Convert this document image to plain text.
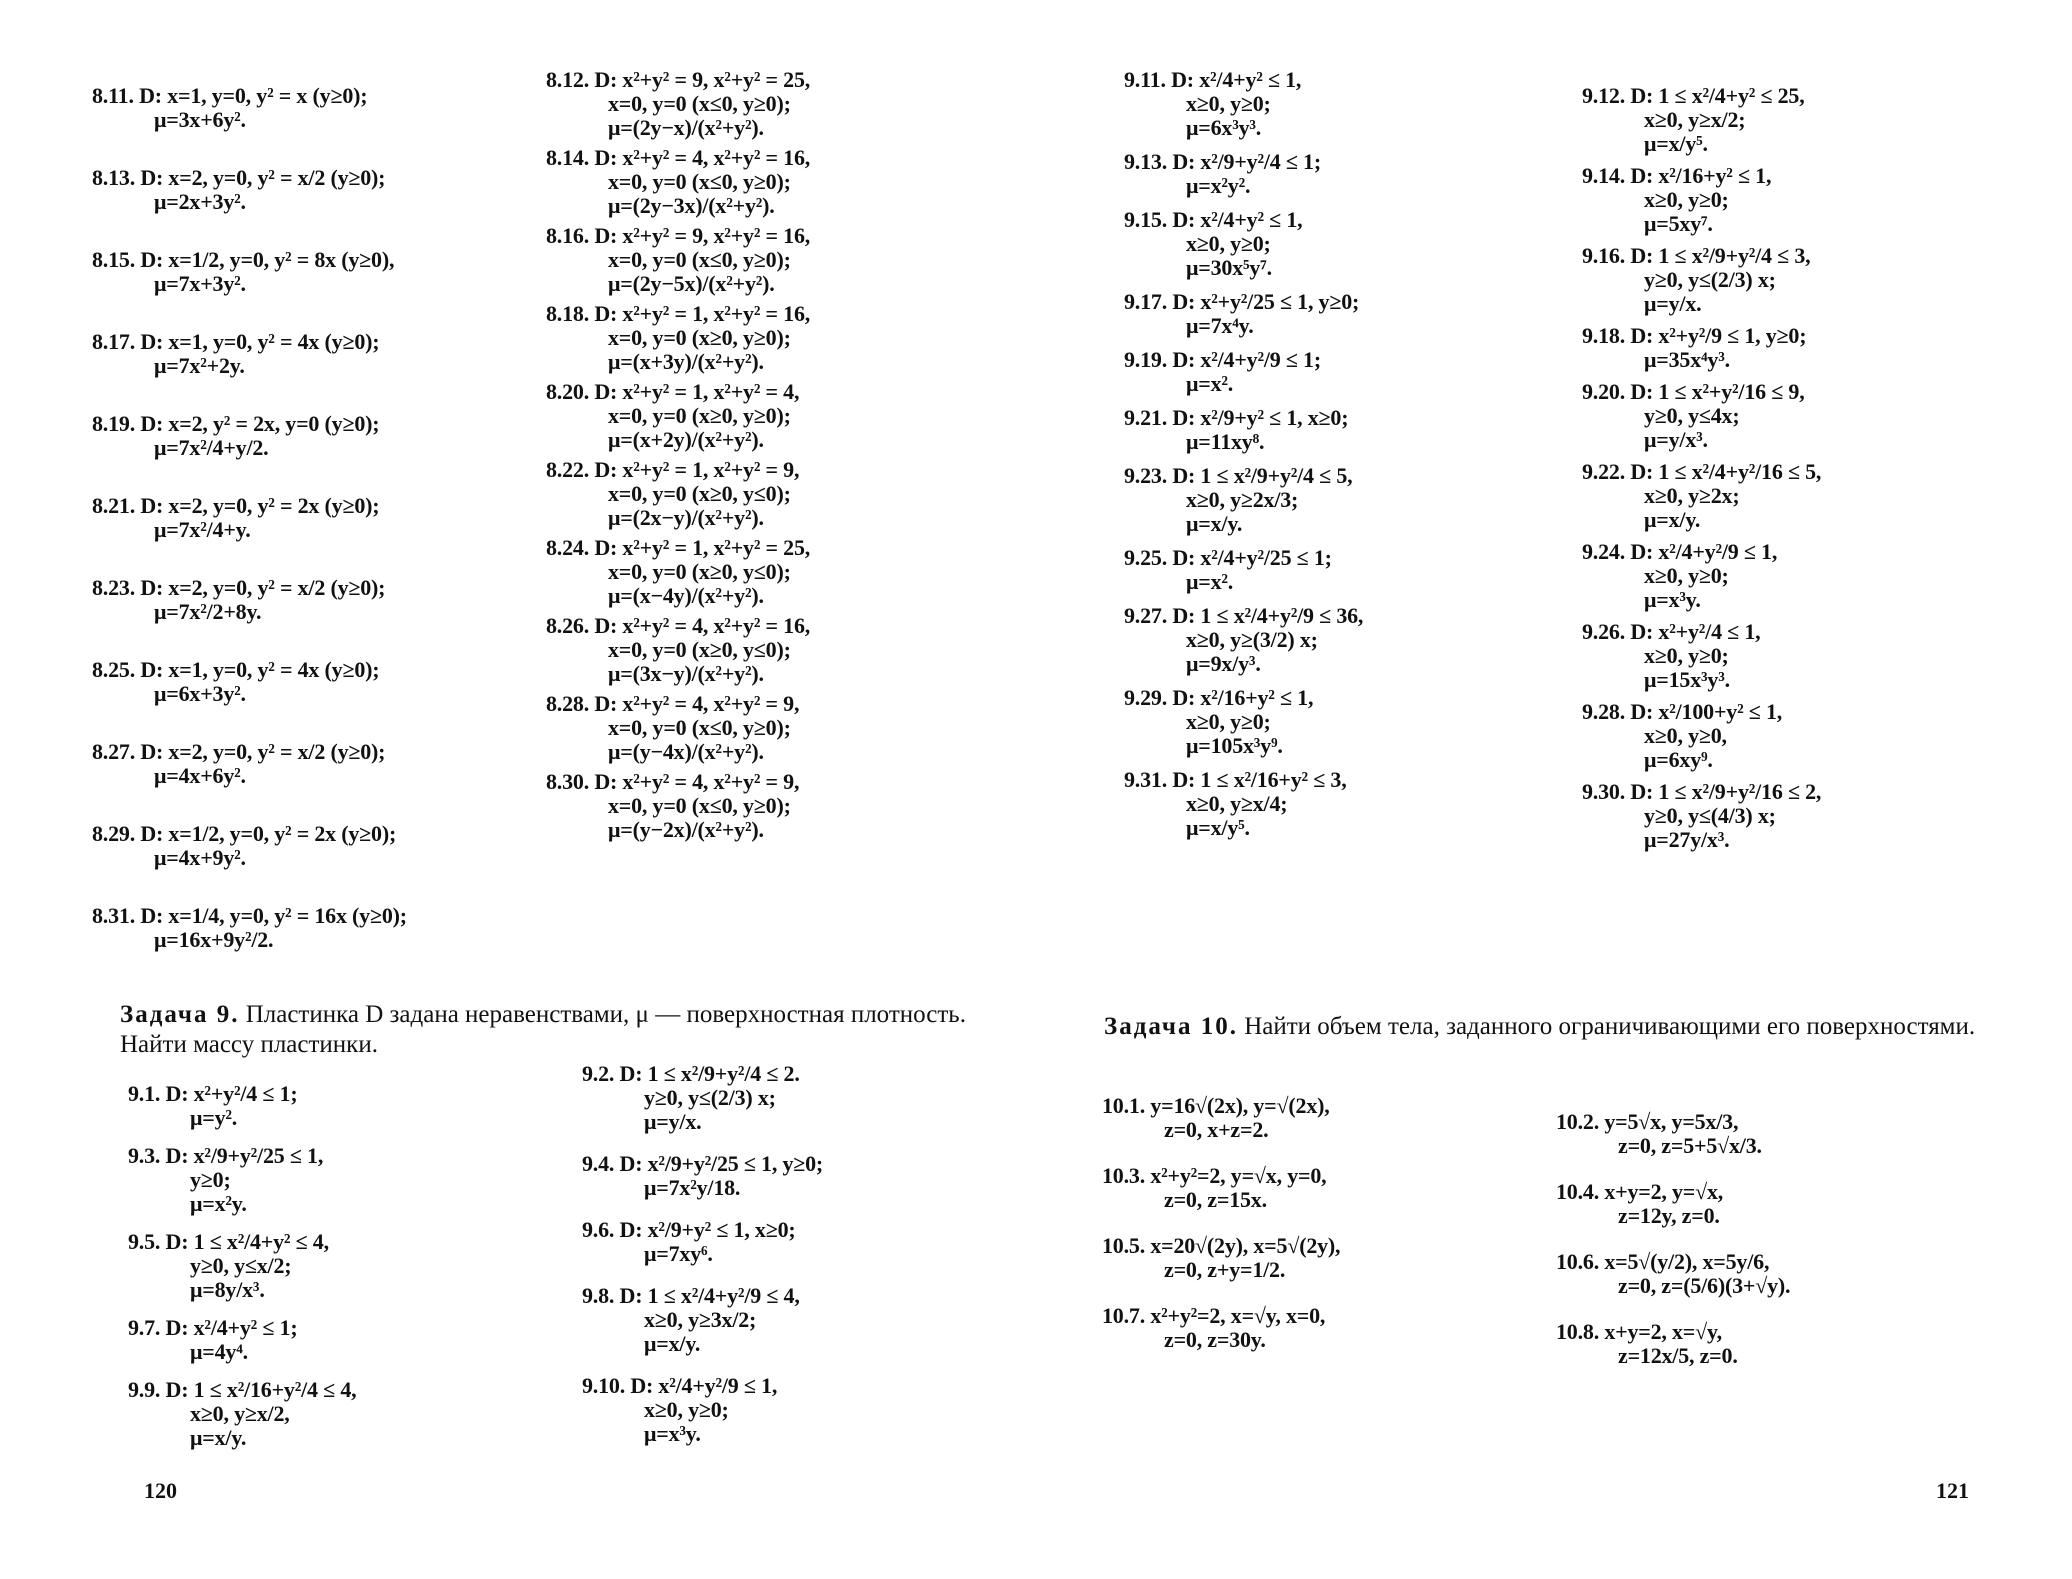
8.11. D: x=1, y=0, y² = x (y≥0);
μ=3x+6y².
8.13. D: x=2, y=0, y² = x/2 (y≥0);
μ=2x+3y².
8.15. D: x=1/2, y=0, y² = 8x (y≥0),
μ=7x+3y².
8.17. D: x=1, y=0, y² = 4x (y≥0);
μ=7x²+2y.
8.19. D: x=2, y² = 2x, y=0 (y≥0);
μ=7x²/4+y/2.
8.21. D: x=2, y=0, y² = 2x (y≥0);
μ=7x²/4+y.
8.23. D: x=2, y=0, y² = x/2 (y≥0);
μ=7x²/2+8y.
8.25. D: x=1, y=0, y² = 4x (y≥0);
μ=6x+3y².
8.27. D: x=2, y=0, y² = x/2 (y≥0);
μ=4x+6y².
8.29. D: x=1/2, y=0, y² = 2x (y≥0);
μ=4x+9y².
8.31. D: x=1/4, y=0, y² = 16x (y≥0);
μ=16x+9y²/2.
8.12. D: x²+y² = 9, x²+y² = 25,
x=0, y=0 (x≤0, y≥0);
μ=(2y−x)/(x²+y²).
8.14. D: x²+y² = 4, x²+y² = 16,
x=0, y=0 (x≤0, y≥0);
μ=(2y−3x)/(x²+y²).
8.16. D: x²+y² = 9, x²+y² = 16,
x=0, y=0 (x≤0, y≥0);
μ=(2y−5x)/(x²+y²).
8.18. D: x²+y² = 1, x²+y² = 16,
x=0, y=0 (x≥0, y≥0);
μ=(x+3y)/(x²+y²).
8.20. D: x²+y² = 1, x²+y² = 4,
x=0, y=0 (x≥0, y≥0);
μ=(x+2y)/(x²+y²).
8.22. D: x²+y² = 1, x²+y² = 9,
x=0, y=0 (x≥0, y≤0);
μ=(2x−y)/(x²+y²).
8.24. D: x²+y² = 1, x²+y² = 25,
x=0, y=0 (x≥0, y≤0);
μ=(x−4y)/(x²+y²).
8.26. D: x²+y² = 4, x²+y² = 16,
x=0, y=0 (x≥0, y≤0);
μ=(3x−y)/(x²+y²).
8.28. D: x²+y² = 4, x²+y² = 9,
x=0, y=0 (x≤0, y≥0);
μ=(y−4x)/(x²+y²).
8.30. D: x²+y² = 4, x²+y² = 9,
x=0, y=0 (x≤0, y≥0);
μ=(y−2x)/(x²+y²).
Задача 9. Пластинка D задана неравенствами, μ — поверхностная плотность. Найти массу пластинки.
9.1. D: x²+y²/4 ≤ 1;
μ=y².
9.3. D: x²/9+y²/25 ≤ 1,
y≥0;
μ=x²y.
9.5. D: 1 ≤ x²/4+y² ≤ 4,
y≥0, y≤x/2;
μ=8y/x³.
9.7. D: x²/4+y² ≤ 1;
μ=4y⁴.
9.9. D: 1 ≤ x²/16+y²/4 ≤ 4,
x≥0, y≥x/2,
μ=x/y.
9.2. D: 1 ≤ x²/9+y²/4 ≤ 2.
y≥0, y≤(2/3) x;
μ=y/x.
9.4. D: x²/9+y²/25 ≤ 1, y≥0;
μ=7x²y/18.
9.6. D: x²/9+y² ≤ 1, x≥0;
μ=7xy⁶.
9.8. D: 1 ≤ x²/4+y²/9 ≤ 4,
x≥0, y≥3x/2;
μ=x/y.
9.10. D: x²/4+y²/9 ≤ 1,
x≥0, y≥0;
μ=x³y.
120
9.11. D: x²/4+y² ≤ 1,
x≥0, y≥0;
μ=6x³y³.
9.13. D: x²/9+y²/4 ≤ 1;
μ=x²y².
9.15. D: x²/4+y² ≤ 1,
x≥0, y≥0;
μ=30x⁵y⁷.
9.17. D: x²+y²/25 ≤ 1, y≥0;
μ=7x⁴y.
9.19. D: x²/4+y²/9 ≤ 1;
μ=x².
9.21. D: x²/9+y² ≤ 1, x≥0;
μ=11xy⁸.
9.23. D: 1 ≤ x²/9+y²/4 ≤ 5,
x≥0, y≥2x/3;
μ=x/y.
9.25. D: x²/4+y²/25 ≤ 1;
μ=x².
9.27. D: 1 ≤ x²/4+y²/9 ≤ 36,
x≥0, y≥(3/2) x;
μ=9x/y³.
9.29. D: x²/16+y² ≤ 1,
x≥0, y≥0;
μ=105x³y⁹.
9.31. D: 1 ≤ x²/16+y² ≤ 3,
x≥0, y≥x/4;
μ=x/y⁵.
9.12. D: 1 ≤ x²/4+y² ≤ 25,
x≥0, y≥x/2;
μ=x/y⁵.
9.14. D: x²/16+y² ≤ 1,
x≥0, y≥0;
μ=5xy⁷.
9.16. D: 1 ≤ x²/9+y²/4 ≤ 3,
y≥0, y≤(2/3) x;
μ=y/x.
9.18. D: x²+y²/9 ≤ 1, y≥0;
μ=35x⁴y³.
9.20. D: 1 ≤ x²+y²/16 ≤ 9,
y≥0, y≤4x;
μ=y/x³.
9.22. D: 1 ≤ x²/4+y²/16 ≤ 5,
x≥0, y≥2x;
μ=x/y.
9.24. D: x²/4+y²/9 ≤ 1,
x≥0, y≥0;
μ=x³y.
9.26. D: x²+y²/4 ≤ 1,
x≥0, y≥0;
μ=15x³y³.
9.28. D: x²/100+y² ≤ 1,
x≥0, y≥0,
μ=6xy⁹.
9.30. D: 1 ≤ x²/9+y²/16 ≤ 2,
y≥0, y≤(4/3) x;
μ=27y/x³.
Задача 10. Найти объем тела, заданного ограничивающими его поверхностями.
10.1. y=16√(2x), y=√(2x),
z=0, x+z=2.
10.3. x²+y²=2, y=√x, y=0,
z=0, z=15x.
10.5. x=20√(2y), x=5√(2y),
z=0, z+y=1/2.
10.7. x²+y²=2, x=√y, x=0,
z=0, z=30y.
10.2. y=5√x, y=5x/3,
z=0, z=5+5√x/3.
10.4. x+y=2, y=√x,
z=12y, z=0.
10.6. x=5√(y/2), x=5y/6,
z=0, z=(5/6)(3+√y).
10.8. x+y=2, x=√y,
z=12x/5, z=0.
121
